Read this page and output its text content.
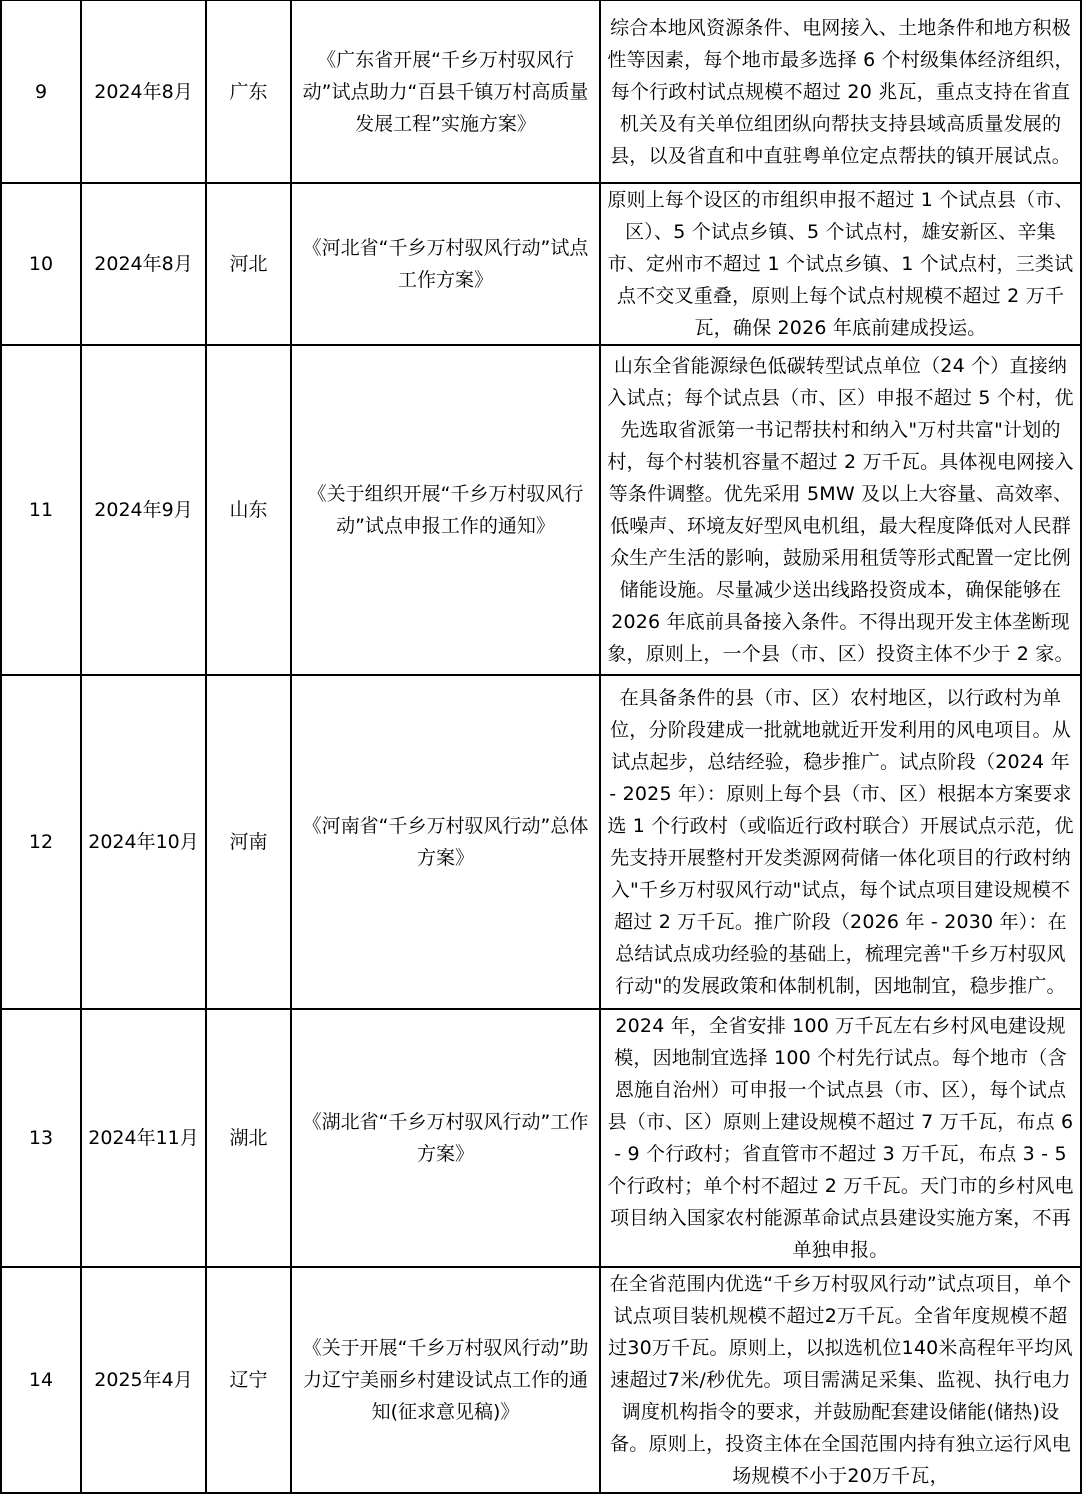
9	2024年8月	广东	《广东省开展“千乡万村驭风行动”试点助力“百县千镇万村高质量发展工程”实施方案》	综合本地风资源条件、电网接入、土地条件和地方积极性等因素，每个地市最多选择 6 个村级集体经济组织，每个行政村试点规模不超过 20 兆瓦，重点支持在省直机关及有关单位组团纵向帮扶支持县域高质量发展的县，以及省直和中直驻粤单位定点帮扶的镇开展试点。
10	2024年8月	河北	《河北省“千乡万村驭风行动”试点工作方案》	原则上每个设区的市组织申报不超过 1 个试点县（市、区）、5 个试点乡镇、5 个试点村，雄安新区、辛集市、定州市不超过 1 个试点乡镇、1 个试点村，三类试点不交叉重叠，原则上每个试点村规模不超过 2 万千瓦，确保 2026 年底前建成投运。
11	2024年9月	山东	《关于组织开展“千乡万村驭风行动”试点申报工作的通知》	山东全省能源绿色低碳转型试点单位（24 个）直接纳入试点；每个试点县（市、区）申报不超过 5 个村，优先选取省派第一书记帮扶村和纳入"万村共富"计划的村，每个村装机容量不超过 2 万千瓦。具体视电网接入等条件调整。优先采用 5MW 及以上大容量、高效率、低噪声、环境友好型风电机组，最大程度降低对人民群众生产生活的影响，鼓励采用租赁等形式配置一定比例储能设施。尽量减少送出线路投资成本，确保能够在 2026 年底前具备接入条件。不得出现开发主体垄断现象，原则上，一个县（市、区）投资主体不少于 2 家。
12	2024年10月	河南	《河南省“千乡万村驭风行动”总体方案》	在具备条件的县（市、区）农村地区，以行政村为单位，分阶段建成一批就地就近开发利用的风电项目。从试点起步，总结经验，稳步推广。试点阶段（2024 年 - 2025 年）：原则上每个县（市、区）根据本方案要求选 1 个行政村（或临近行政村联合）开展试点示范，优先支持开展整村开发类源网荷储一体化项目的行政村纳入"千乡万村驭风行动"试点，每个试点项目建设规模不超过 2 万千瓦。推广阶段（2026 年 - 2030 年）：在总结试点成功经验的基础上，梳理完善"千乡万村驭风行动"的发展政策和体制机制，因地制宜，稳步推广。
13	2024年11月	湖北	《湖北省“千乡万村驭风行动”工作方案》	2024 年，全省安排 100 万千瓦左右乡村风电建设规模，因地制宜选择 100 个村先行试点。每个地市（含恩施自治州）可申报一个试点县（市、区），每个试点县（市、区）原则上建设规模不超过 7 万千瓦，布点 6 - 9 个行政村；省直管市不超过 3 万千瓦，布点 3 - 5 个行政村；单个村不超过 2 万千瓦。天门市的乡村风电项目纳入国家农村能源革命试点县建设实施方案，不再单独申报。
14	2025年4月	辽宁	《关于开展“千乡万村驭风行动”助力辽宁美丽乡村建设试点工作的通知(征求意见稿)》	在全省范围内优选“千乡万村驭风行动”试点项目，单个试点项目装机规模不超过2万千瓦。全省年度规模不超过30万千瓦。原则上，以拟选机位140米高程年平均风速超过7米/秒优先。项目需满足采集、监视、执行电力调度机构指令的要求，并鼓励配套建设储能(储热)设备。原则上，投资主体在全国范围内持有独立运行风电场规模不小于20万千瓦，
